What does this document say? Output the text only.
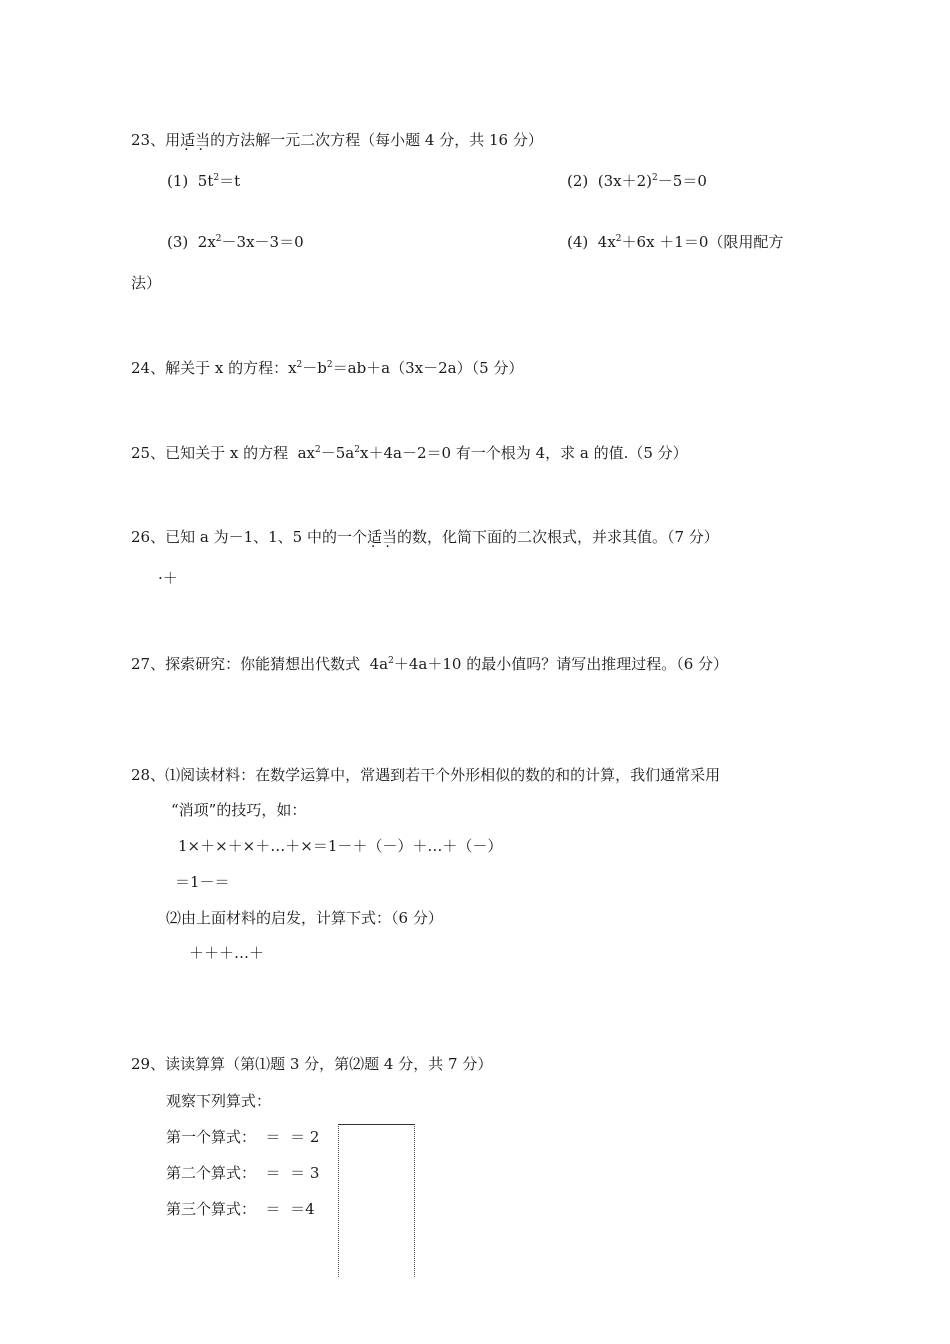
23、用适当 · ·的方法解一元二次方程（每小题 4 分，共 16 分）
(1)  $5t^2=t$	(2)  $(3x+2)^2-5=0$
(3)  $2x^2-3x-3=0$	(4)  $4x^2+6x +1=0$（限用配方
法）
24、解关于 x 的方程：$x^2-b^2=ab+a(3x-2a)(5$ 分）
25、已知关于 x 的方程  $ax^2-5a^2x+4a-2=0$ 有一个根为 4，求 a 的值.（5 分）
26、已知 a 为－1、1、5 中的一个适当 · ·的数，化简下面的二次根式，并求其值。（7 分）
·＋
27、探索研究：你能猜想出代数式  $4a^2+4a+10$ 的最小值吗？请写出推理过程。（6 分）
28、⑴阅读材料：在数学运算中，常遇到若干个外形相似的数的和的计算，我们通常采用
“消项”的技巧，如：
1×＋×＋×＋…＋×＝1－＋（－）＋…＋（－）
＝1－＝
⑵由上面材料的启发，计算下式：（6 分）
＋＋＋…＋
29、读读算算（第⑴题 3 分，第⑵题 4 分，共 7 分）
观察下列算式：
第一个算式：  ＝  ＝ 2
第二个算式：  ＝  ＝ 3
第三个算式：  ＝  ＝4
